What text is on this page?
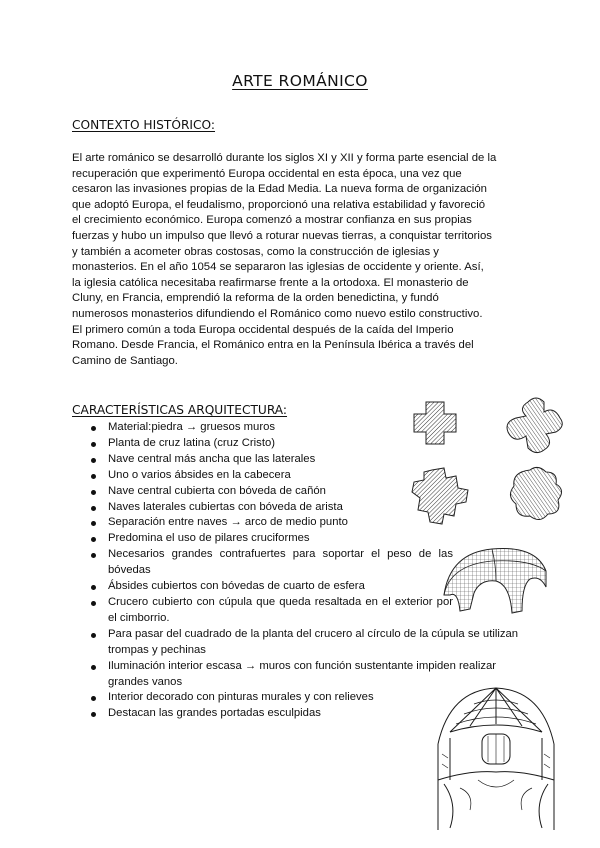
ARTE ROMÁNICO
CONTEXTO HISTÓRICO:
El arte románico se desarrolló durante los siglos XI y XII y forma parte esencial de la
recuperación que experimentó Europa occidental en esta época, una vez que
cesaron las invasiones propias de la Edad Media. La nueva forma de organización
que adoptó Europa, el feudalismo, proporcionó una relativa estabilidad y favoreció
el crecimiento económico. Europa comenzó a mostrar confianza en sus propias
fuerzas y hubo un impulso que llevó a roturar nuevas tierras, a conquistar territorios
y también a acometer obras costosas, como la construcción de iglesias y
monasterios. En el año 1054 se separaron las iglesias de occidente y oriente. Así,
la iglesia católica necesitaba reafirmarse frente a la ortodoxa. El monasterio de
Cluny, en Francia, emprendió la reforma de la orden benedictina, y fundó
numerosos monasterios difundiendo el Románico como nuevo estilo constructivo.
El primero común a toda Europa occidental después de la caída del Imperio
Romano. Desde Francia, el Románico entra en la Península Ibérica a través del
Camino de Santiago.
CARACTERÍSTICAS ARQUITECTURA:
Material:piedra → gruesos muros
Planta de cruz latina (cruz Cristo)
Nave central más ancha que las laterales
Uno o varios ábsides en la cabecera
Nave central cubierta con bóveda de cañón
Naves laterales cubiertas con bóveda de arista
Separación entre naves → arco de medio punto
Predomina el uso de pilares cruciformes
Necesarios grandes contrafuertes para soportar el peso de las bóvedas
Ábsides cubiertos con bóvedas de cuarto de esfera
Crucero cubierto con cúpula que queda resaltada en el exterior por el cimborrio.
Para pasar del cuadrado de la planta del crucero al círculo de la cúpula se utilizan trompas y pechinas
Iluminación interior escasa → muros con función sustentante impiden realizar grandes vanos
Interior decorado con pinturas murales y con relieves
Destacan las grandes portadas esculpidas
